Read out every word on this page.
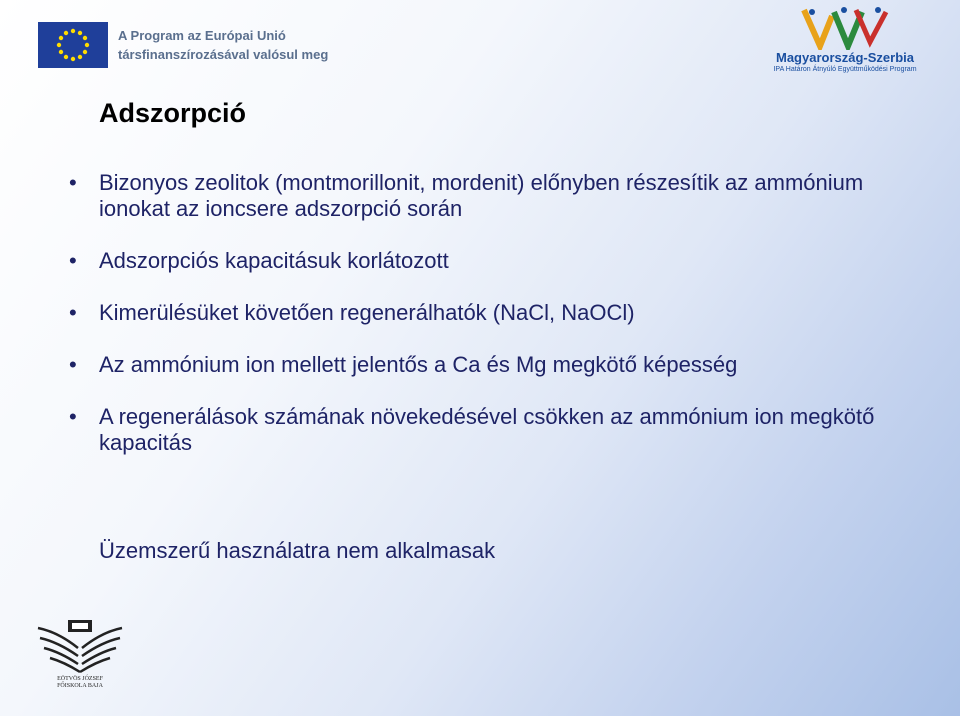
A Program az Európai Unió
társfinanszírozásával valósul meg	Magyarország-Szerbia
IPA Határon Átnyúló Együttműködési Program
Adszorpció
• Bizonyos zeolitok (montmorillonit, mordenit) előnyben részesítik az ammónium ionokat az ioncsere adszorpció során
• Adszorpciós kapacitásuk korlátozott
• Kimerülésüket követően regenerálhatók (NaCl, NaOCl)
• Az ammónium ion mellett jelentős a Ca és Mg megkötő képesség
• A regenerálások számának növekedésével csökken az ammónium ion megkötő kapacitás
Üzemszerű használatra nem alkalmasak
EÖTVÖS JÓZSEF
FŐISKOLA BAJA
